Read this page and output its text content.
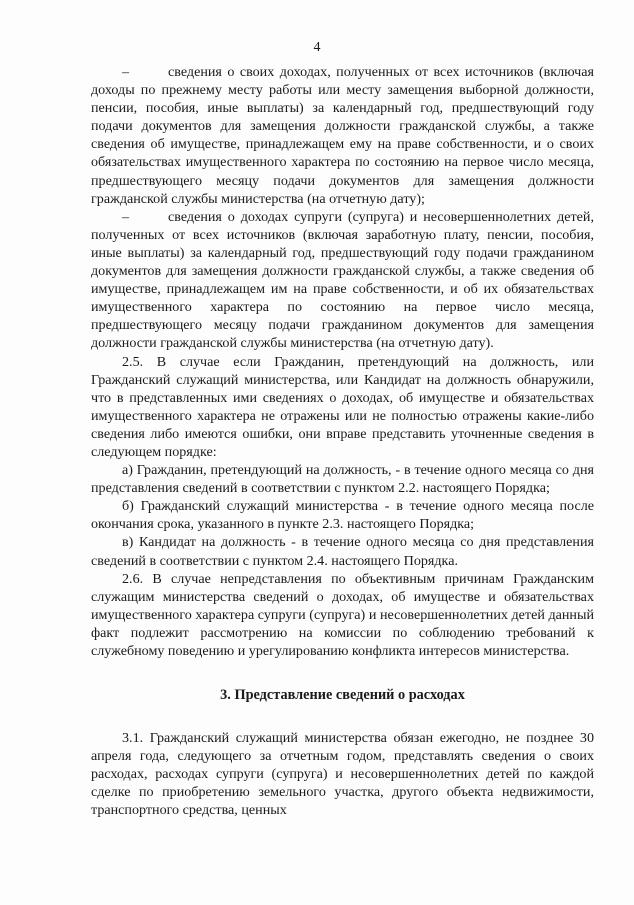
4

–	сведения о своих доходах, полученных от всех источников (включая доходы по прежнему месту работы или месту замещения выборной должности, пенсии, пособия, иные выплаты) за календарный год, предшествующий году подачи документов для замещения должности гражданской службы, а также сведения об имуществе, принадлежащем ему на праве собственности, и о своих обязательствах имущественного характера по состоянию на первое число месяца, предшествующего месяцу подачи документов для замещения должности гражданской службы министерства (на отчетную дату);

–	сведения о доходах супруги (супруга) и несовершеннолетних детей, полученных от всех источников (включая заработную плату, пенсии, пособия, иные выплаты) за календарный год, предшествующий году подачи гражданином документов для замещения должности гражданской службы, а также сведения об имуществе, принадлежащем им на праве собственности, и об их обязательствах имущественного характера по состоянию на первое число месяца, предшествующего месяцу подачи гражданином документов для замещения должности гражданской службы министерства (на отчетную дату).

2.5. В случае если Гражданин, претендующий на должность, или Гражданский служащий министерства, или Кандидат на должность обнаружили, что в представленных ими сведениях о доходах, об имуществе и обязательствах имущественного характера не отражены или не полностью отражены какие-либо сведения либо имеются ошибки, они вправе представить уточненные сведения в следующем порядке:

а) Гражданин, претендующий на должность, - в течение одного месяца со дня представления сведений в соответствии с пунктом 2.2. настоящего Порядка;

б) Гражданский служащий министерства - в течение одного месяца после окончания срока, указанного в пункте 2.3. настоящего Порядка;

в) Кандидат на должность - в течение одного месяца со дня представления сведений в соответствии с пунктом 2.4. настоящего Порядка.

2.6. В случае непредставления по объективным причинам Гражданским служащим министерства сведений о доходах, об имуществе и обязательствах имущественного характера супруги (супруга) и несовершеннолетних детей данный факт подлежит рассмотрению на комиссии по соблюдению требований к служебному поведению и урегулированию конфликта интересов министерства.

3. Представление сведений о расходах

3.1. Гражданский служащий министерства обязан ежегодно, не позднее 30 апреля года, следующего за отчетным годом, представлять сведения о своих расходах, расходах супруги (супруга) и несовершеннолетних детей по каждой сделке по приобретению земельного участка, другого объекта недвижимости, транспортного средства, ценных
